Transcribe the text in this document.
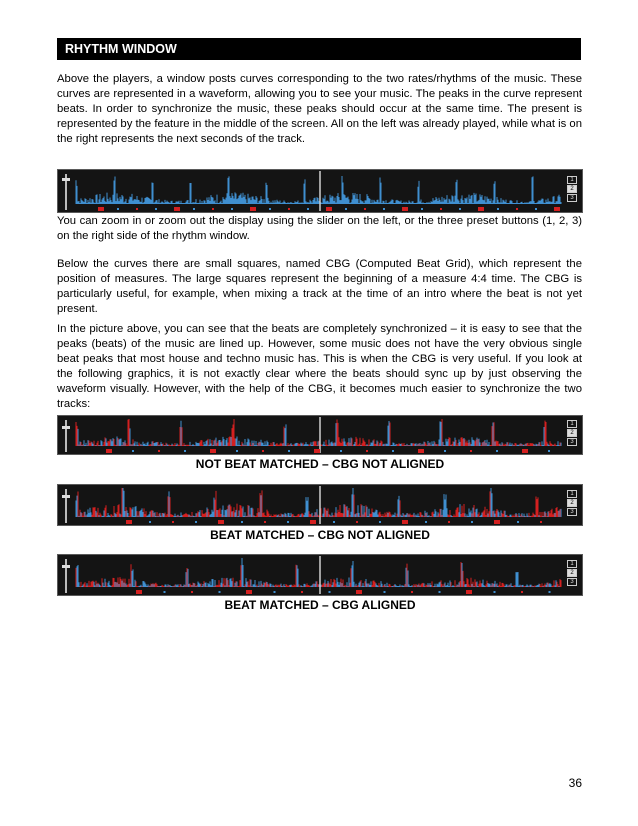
RHYTHM WINDOW

Above the players, a window posts curves corresponding to the two rates/rhythms of the music. These curves are represented in a waveform, allowing you to see your music. The peaks in the curve represent beats. In order to synchronize the music, these peaks should occur at the same time. The present is represented by the feature in the middle of the screen. All on the left was already played, while what is on the right represents the next seconds of the track.

1
2
3

You can zoom in or zoom out the display using the slider on the left, or the three preset buttons (1, 2, 3) on the right side of the rhythm window.

Below the curves there are small squares, named CBG (Computed Beat Grid), which represent the position of measures. The large squares represent the beginning of a measure 4:4 time. The CBG is particularly useful, for example, when mixing a track at the time of an intro where the beat is not yet present.

In the picture above, you can see that the beats are completely synchronized – it is easy to see that the peaks (beats) of the music are lined up. However, some music does not have the very obvious single beat peaks that most house and techno music has. This is when the CBG is very useful. If you look at the following graphics, it is not exactly clear where the beats should sync up by just observing the waveform visually. However, with the help of the CBG, it becomes much easier to synchronize the two tracks:

1
2
3

NOT BEAT MATCHED – CBG NOT ALIGNED

1
2
3

BEAT MATCHED – CBG NOT ALIGNED

1
2
3

BEAT MATCHED – CBG ALIGNED

36
